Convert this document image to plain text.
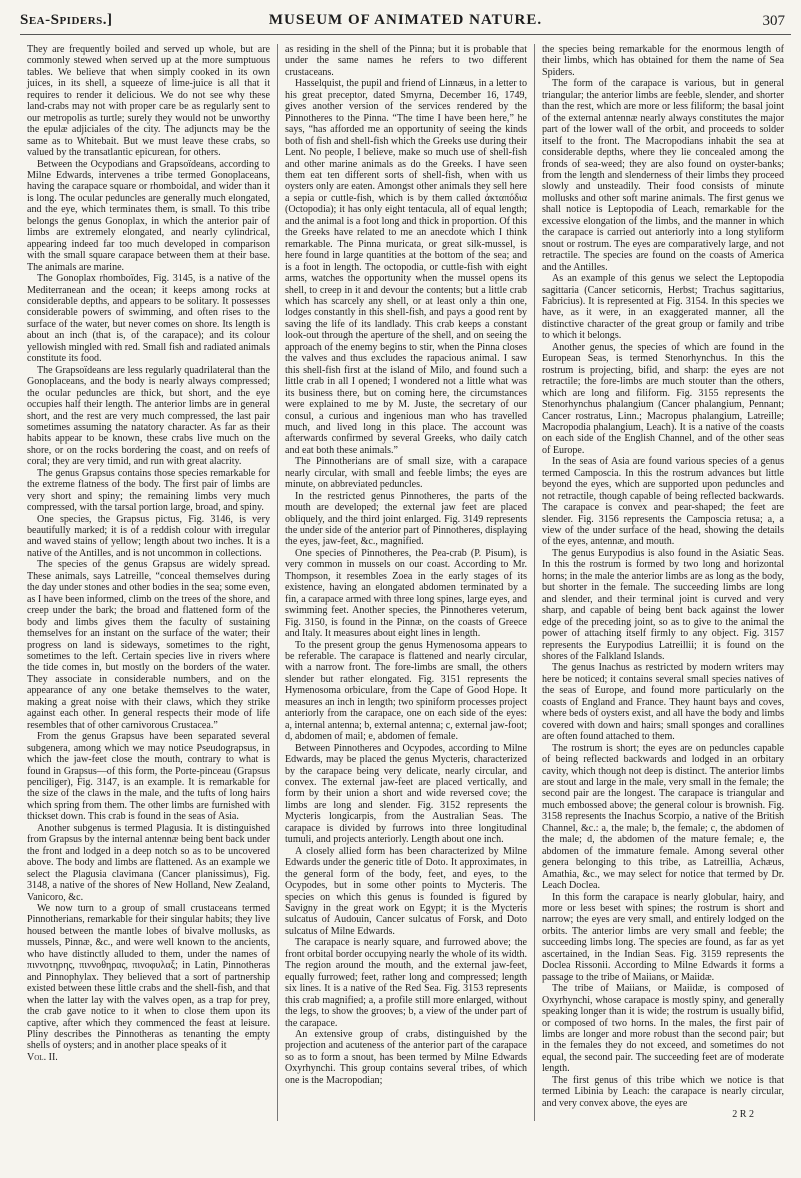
Sea-Spiders.]	MUSEUM OF ANIMATED NATURE.	307

They are frequently boiled and served up whole, but are commonly stewed when served up at the more sumptuous tables. We believe that when simply cooked in its own juices, in its shell, a squeeze of lime-juice is all that it requires to render it delicious. We do not see why these land-crabs may not with proper care be as regularly sent to our metropolis as turtle; surely they would not be unworthy the epulæ adjiciales of the city. The adjuncts may be the same as to Whitebait. But we must leave these crabs, so valued by the transatlantic epicurean, for others.

Between the Ocypodians and Grapsoïdeans, according to Milne Edwards, intervenes a tribe termed Gonoplaceans, having the carapace square or rhomboidal, and wider than it is long. The ocular peduncles are generally much elongated, and the eye, which terminates them, is small. To this tribe belongs the genus Gonoplax, in which the anterior pair of limbs are extremely elongated, and nearly cylindrical, appearing indeed far too much developed in comparison with the small square carapace between them at their base. The animals are marine.

The Gonoplax rhomboïdes, Fig. 3145, is a native of the Mediterranean and the ocean; it keeps among rocks at considerable depths, and appears to be solitary. It possesses considerable powers of swimming, and often rises to the surface of the water, but never comes on shore. Its length is about an inch (that is, of the carapace); and its colour yellowish mingled with red. Small fish and radiated animals constitute its food.

The Grapsoïdeans are less regularly quadrilateral than the Gonoplaceans, and the body is nearly always compressed; the ocular peduncles are thick, but short, and the eye occupies half their length. The anterior limbs are in general short, and the rest are very much compressed, the last pair sometimes assuming the natatory character. As far as their habits appear to be known, these crabs live much on the shore, or on the rocks bordering the coast, and on reefs of coral; they are very timid, and run with great alacrity.

The genus Grapsus contains those species remarkable for the extreme flatness of the body. The first pair of limbs are very short and spiny; the remaining limbs very much compressed, with the tarsal portion large, broad, and spiny.

One species, the Grapsus pictus, Fig. 3146, is very beautifully marked; it is of a reddish colour with irregular and waved stains of yellow; length about two inches. It is a native of the Antilles, and is not uncommon in collections.

The species of the genus Grapsus are widely spread. These animals, says Latreille, “conceal themselves during the day under stones and other bodies in the sea; some even, as I have been informed, climb on the trees of the shore, and creep under the bark; the broad and flattened form of the body and limbs gives them the faculty of sustaining themselves for an instant on the surface of the water; their progress on land is sideways, sometimes to the right, sometimes to the left. Certain species live in rivers where the tide comes in, but mostly on the borders of the water. They associate in considerable numbers, and on the appearance of any one betake themselves to the water, making a great noise with their claws, which they strike against each other. In general respects their mode of life resembles that of other carnivorous Crustacea.”

From the genus Grapsus have been separated several subgenera, among which we may notice Pseudograpsus, in which the jaw-feet close the mouth, contrary to what is found in Grapsus—of this form, the Porte-pinceau (Grapsus penciliger), Fig. 3147, is an example. It is remarkable for the size of the claws in the male, and the tufts of long hairs which spring from them. The other limbs are furnished with thickset down. This crab is found in the seas of Asia.

Another subgenus is termed Plagusia. It is distinguished from Grapsus by the internal antennæ being bent back under the front and lodged in a deep notch so as to be uncovered above. The body and limbs are flattened. As an example we select the Plagusia clavimana (Cancer planissimus), Fig. 3148, a native of the shores of New Holland, New Zealand, Vanicoro, &c.

We now turn to a group of small crustaceans termed Pinnotherians, remarkable for their singular habits; they live housed between the mantle lobes of bivalve mollusks, as mussels, Pinnæ, &c., and were well known to the ancients, who have distinctly alluded to them, under the names of πιννοτηρης, πιννοθηρας, πινοφυλαξ; in Latin, Pinnotheras and Pinnophylax. They believed that a sort of partnership existed between these little crabs and the shell-fish, and that when the latter lay with the valves open, as a trap for prey, the crab gave notice to it when to close them upon its captive, after which they commenced the feast at leisure. Pliny describes the Pinnotheras as tenanting the empty shells of oysters; and in another place speaks of it

Vol. II.

as residing in the shell of the Pinna; but it is probable that under the same names he refers to two different crustaceans.

Hasselquist, the pupil and friend of Linnæus, in a letter to his great preceptor, dated Smyrna, December 16, 1749, gives another version of the services rendered by the Pinnotheres to the Pinna. “The time I have been here,” he says, “has afforded me an opportunity of seeing the kinds both of fish and shell-fish which the Greeks use during their Lent. No people, I believe, make so much use of shell-fish and other marine animals as do the Greeks. I have seen them eat ten different sorts of shell-fish, when with us oysters only are eaten. Amongst other animals they sell here a sepia or cuttle-fish, which is by them called ἀκταπόδια (Octopodia); it has only eight tentacula, all of equal length; and the animal is a foot long and thick in proportion. Of this the Greeks have related to me an anecdote which I think remarkable. The Pinna muricata, or great silk-mussel, is here found in large quantities at the bottom of the sea; and is a foot in length. The octopodia, or cuttle-fish with eight arms, watches the opportunity when the mussel opens its shell, to creep in it and devour the contents; but a little crab which has scarcely any shell, or at least only a thin one, lodges constantly in this shell-fish, and pays a good rent by saving the life of its landlady. This crab keeps a constant look-out through the aperture of the shell, and on seeing the approach of the enemy begins to stir, when the Pinna closes the valves and thus excludes the rapacious animal. I saw this shell-fish first at the island of Milo, and found such a little crab in all I opened; I wondered not a little what was its business there, but on coming here, the circumstances were explained to me by M. Juste, the secretary of our consul, a curious and ingenious man who has travelled much, and lived long in this place. The account was afterwards confirmed by several Greeks, who daily catch and eat both these animals.”

The Pinnotherians are of small size, with a carapace nearly circular, with small and feeble limbs; the eyes are minute, on abbreviated peduncles.

In the restricted genus Pinnotheres, the parts of the mouth are developed; the external jaw feet are placed obliquely, and the third joint enlarged. Fig. 3149 represents the under side of the anterior part of Pinnotheres, displaying the eyes, jaw-feet, &c., magnified.

One species of Pinnotheres, the Pea-crab (P. Pisum), is very common in mussels on our coast. According to Mr. Thompson, it resembles Zoea in the early stages of its existence, having an elongated abdomen terminated by a fin, a carapace armed with three long spines, large eyes, and swimming feet. Another species, the Pinnotheres veterum, Fig. 3150, is found in the Pinnæ, on the coasts of Greece and Italy. It measures about eight lines in length.

To the present group the genus Hymenosoma appears to be referable. The carapace is flattened and nearly circular, with a narrow front. The fore-limbs are small, the others slender but rather elongated. Fig. 3151 represents the Hymenosoma orbiculare, from the Cape of Good Hope. It measures an inch in length; two spiniform processes project anteriorly from the carapace, one on each side of the eyes: a, internal antenna; b, external antenna; c, external jaw-foot; d, abdomen of mail; e, abdomen of female.

Between Pinnotheres and Ocypodes, according to Milne Edwards, may be placed the genus Mycteris, characterized by the carapace being very delicate, nearly circular, and convex. The external jaw-feet are placed vertically, and form by their union a short and wide reversed cove; the limbs are long and slender. Fig. 3152 represents the Mycteris longicarpis, from the Australian Seas. The carapace is divided by furrows into three longitudinal tumuli, and projects anteriorly. Length about one inch.

A closely allied form has been characterized by Milne Edwards under the generic title of Doto. It approximates, in the general form of the body, feet, and eyes, to the Ocypodes, but in some other points to Mycteris. The species on which this genus is founded is figured by Savigny in the great work on Egypt; it is the Mycteris sulcatus of Audouin, Cancer sulcatus of Forsk, and Doto sulcatus of Milne Edwards.

The carapace is nearly square, and furrowed above; the front orbital border occupying nearly the whole of its width. The region around the mouth, and the external jaw-feet, equally furrowed; feet, rather long and compressed; length six lines. It is a native of the Red Sea. Fig. 3153 represents this crab magnified; a, a profile still more enlarged, without the legs, to show the grooves; b, a view of the under part of the carapace.

An extensive group of crabs, distinguished by the projection and acuteness of the anterior part of the carapace so as to form a snout, has been termed by Milne Edwards Oxyrhynchi. This group contains several tribes, of which one is the Macropodian;

the species being remarkable for the enormous length of their limbs, which has obtained for them the name of Sea Spiders.

The form of the carapace is various, but in general triangular; the anterior limbs are feeble, slender, and shorter than the rest, which are more or less filiform; the basal joint of the external antennæ nearly always constitutes the major part of the lower wall of the orbit, and proceeds to solder itself to the front. The Macropodians inhabit the sea at considerable depths, where they lie concealed among the fronds of sea-weed; they are also found on oyster-banks; from the length and slenderness of their limbs they proceed slowly and unsteadily. Their food consists of minute mollusks and other soft marine animals. The first genus we shall notice is Leptopodia of Leach, remarkable for the excessive elongation of the limbs, and the manner in which the carapace is carried out anteriorly into a long styliform snout or rostrum. The eyes are comparatively large, and not retractile. The species are found on the coasts of America and the Antilles.

As an example of this genus we select the Leptopodia sagittaria (Cancer seticornis, Herbst; Trachus sagittarius, Fabricius). It is represented at Fig. 3154. In this species we have, as it were, in an exaggerated manner, all the distinctive character of the great group or family and tribe to which it belongs.

Another genus, the species of which are found in the European Seas, is termed Stenorhynchus. In this the rostrum is projecting, bifid, and sharp: the eyes are not retractile; the fore-limbs are much stouter than the others, which are long and filiform. Fig. 3155 represents the Stenorhynchus phalangium (Cancer phalangium, Pennant; Cancer rostratus, Linn.; Macropus phalangium, Latreille; Macropodia phalangium, Leach). It is a native of the coasts on each side of the English Channel, and of the other seas of Europe.

In the seas of Asia are found various species of a genus termed Camposcia. In this the rostrum advances but little beyond the eyes, which are supported upon peduncles and not retractile, though capable of being reflected backwards. The carapace is convex and pear-shaped; the feet are slender. Fig. 3156 represents the Camposcia retusa; a, a view of the under surface of the head, showing the details of the eyes, antennæ, and mouth.

The genus Eurypodius is also found in the Asiatic Seas. In this the rostrum is formed by two long and horizontal horns; in the male the anterior limbs are as long as the body, but shorter in the female. The succeeding limbs are long and slender, and their terminal joint is curved and very sharp, and capable of being bent back against the lower edge of the preceding joint, so as to give to the animal the power of attaching itself firmly to any object. Fig. 3157 represents the Eurypodius Latreillii; it is found on the shores of the Falkland Islands.

The genus Inachus as restricted by modern writers may here be noticed; it contains several small species natives of the seas of Europe, and found more particularly on the coasts of England and France. They haunt bays and coves, where beds of oysters exist, and all have the body and limbs covered with down and hairs; small sponges and corallines are often found attached to them.

The rostrum is short; the eyes are on peduncles capable of being reflected backwards and lodged in an orbitary cavity, which though not deep is distinct. The anterior limbs are stout and large in the male, very small in the female; the second pair are the longest. The carapace is triangular and much embossed above; the general colour is brownish. Fig. 3158 represents the Inachus Scorpio, a native of the British Channel, &c.: a, the male; b, the female; c, the abdomen of the male; d, the abdomen of the mature female; e, the abdomen of the immature female. Among several other genera belonging to this tribe, as Latreillia, Achæus, Amathia, &c., we may select for notice that termed by Dr. Leach Doclea.

In this form the carapace is nearly globular, hairy, and more or less beset with spines; the rostrum is short and narrow; the eyes are very small, and entirely lodged on the orbits. The anterior limbs are very small and feeble; the succeeding limbs long. The species are found, as far as yet ascertained, in the Indian Seas. Fig. 3159 represents the Doclea Rissonii. According to Milne Edwards it forms a passage to the tribe of Maiians, or Maiidæ.

The tribe of Maiians, or Maiidæ, is composed of Oxyrhynchi, whose carapace is mostly spiny, and generally speaking longer than it is wide; the rostrum is usually bifid, or composed of two horns. In the males, the first pair of limbs are longer and more robust than the second pair; but in the females they do not exceed, and sometimes do not equal, the second pair. The succeeding feet are of moderate length.

The first genus of this tribe which we notice is that termed Libinia by Leach: the carapace is nearly circular, and very convex above, the eyes are

2 R 2
